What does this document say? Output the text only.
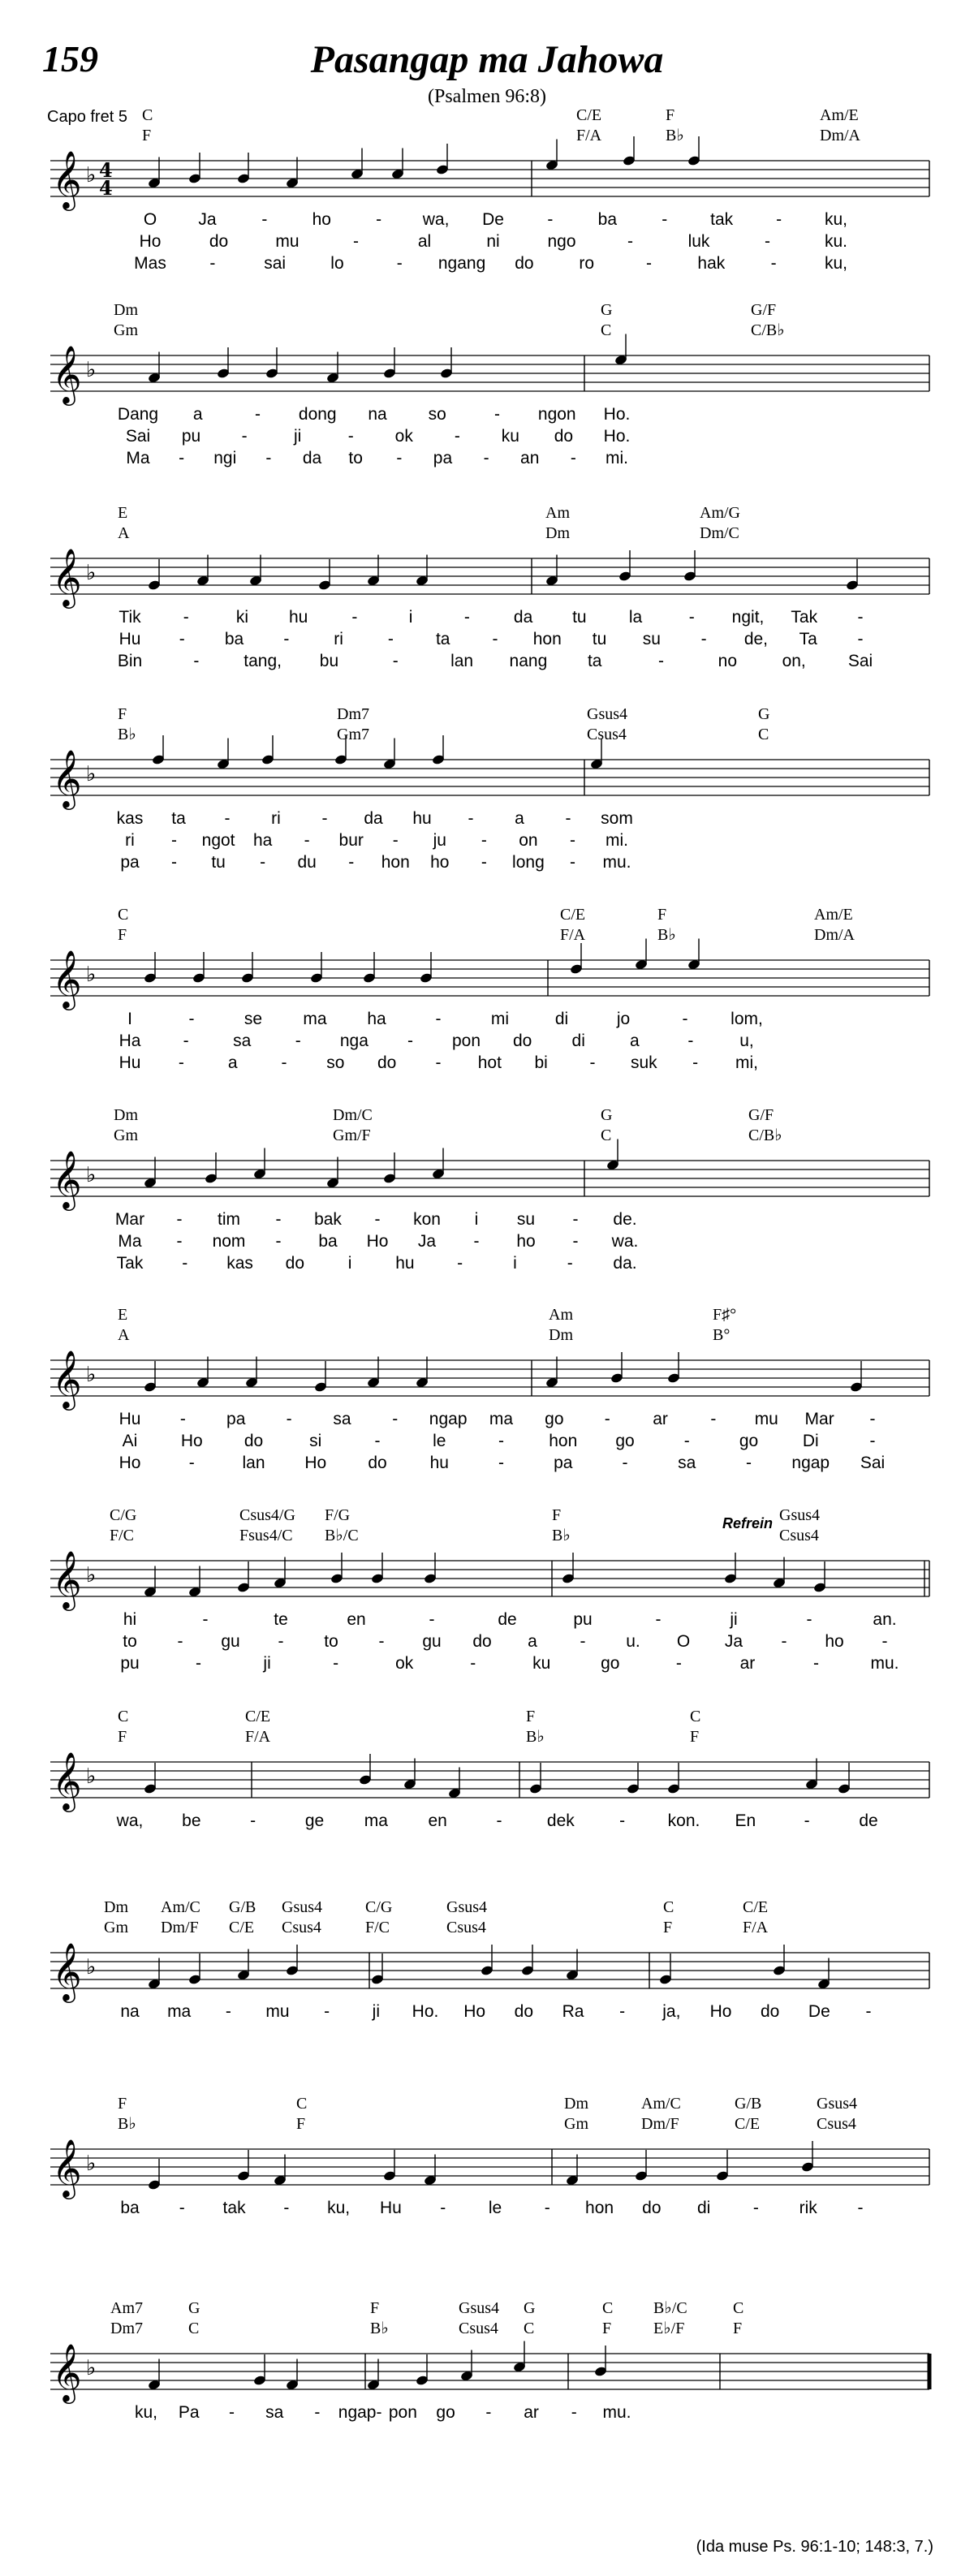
159	Pasangap ma Jahowa
(Psalmen 96:8)
Capo fret 5 C
F
C/E
F/A
F
B♭
Am/E
Dm/A
𝄞 ♭ 4
4
O Ja	-	ho	- wa, De	-	ba	-	tak	-	ku,
Ho	do	mu	-	al	ni	ngo	-	luk	-	ku.
Mas	-	sai	lo	- ngang do	ro	-	hak	-	ku,
Dm
Gm
G
C
G/F
C/B♭
𝄞 ♭
Dang a	- dong na so	- ngon Ho.
Sai pu -	ji	- ok - ku do Ho.
Ma - ngi - da to - pa - an - mi.
E
A
Am
Dm
Am/G
Dm/C
𝄞 ♭
Tik -	ki hu	-	i	-	da tu la	- ngit, Tak -
Hu - ba -	ri	- ta - hon tu su - de, Ta -
Bin	-	tang, bu	-	lan nang ta	-	no	on, Sai
F
B♭
Dm7
Gm7
Gsus4
Csus4
G
C
𝄞 ♭
kas ta - ri - da hu - a - som
ri - ngot ha - bur - ju - on - mi.
pa - tu - du - hon ho - long - mu.
C
F
C/E
F/A
F
B♭
Am/E
Dm/A
𝄞 ♭
I	-	se ma ha	-	mi	di	jo	-	lom,
Ha -	sa	- nga - pon do di	a	-	u,
Hu -	a	- so do - hot bi - suk - mi,
Dm
Gm
Dm/C
Gm/F
G
C
G/F
C/B♭
𝄞 ♭
Mar - tim - bak - kon i su - de.
Ma - nom - ba Ho Ja - ho - wa.
Tak - kas do	i	hu	-	i	- da.
E
A
Am
Dm
F♯°
B°
𝄞 ♭
Hu - pa - sa - ngap ma go -	ar	- mu Mar -
Ai	Ho do	si	-	le	-	hon go	-	go	Di	-
Ho	-	lan Ho do	hu	-	pa	-	sa	- ngap Sai
C/G
F/C
Csus4/G
Fsus4/C
F/G
B♭/C
F
B♭
Gsus4
Csus4
Refrein
𝄞 ♭
hi	-	te	en	-	de	pu	-	ji	-	an.
to - gu - to - gu do a	- u. O Ja - ho -
pu	-	ji	-	ok	-	ku	go	-	ar	-	mu.
C
F
C/E
F/A
F
B♭
C
F
𝄞 ♭
wa, be	-	ge ma en	-	dek	- kon. En	-	de
Dm
Gm
Am/C
Dm/F
G/B
C/E
Gsus4
Csus4
C/G
F/C
Gsus4
Csus4
C
F
C/E
F/A
𝄞 ♭
na ma - mu -	ji Ho. Ho do Ra - ja, Ho do De -
F
B♭
C
F
Dm
Gm
Am/C
Dm/F
G/B
C/E
Gsus4
Csus4
𝄞 ♭
ba - tak - ku, Hu -	le	- hon do di	- rik -
Am7
Dm7
G
C
F
B♭
Gsus4
Csus4
G
C
C
F
B♭/C
E♭/F
C
F
𝄞 ♭
ku, Pa - sa - ngap- pon go - ar - mu.
(Ida muse Ps. 96:1-10; 148:3, 7.)
